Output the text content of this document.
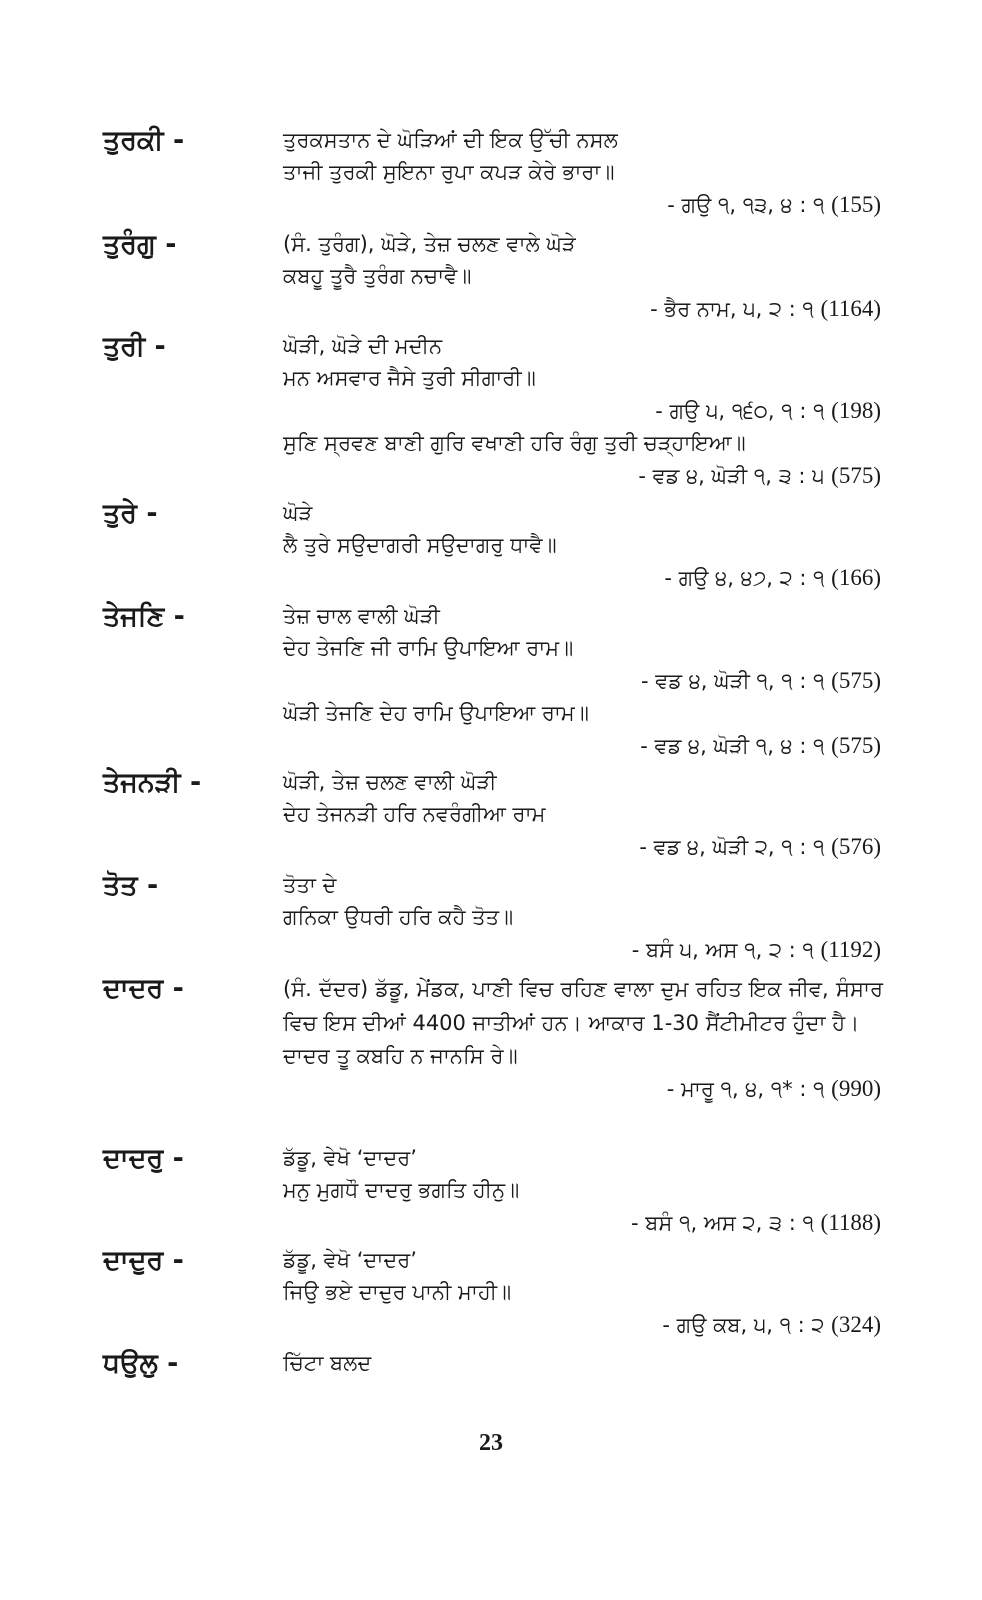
ਤੁਰਕੀ -	ਤੁਰਕਸਤਾਨ ਦੇ ਘੋੜਿਆਂ ਦੀ ਇਕ ਉੱਚੀ ਨਸਲ
ਤਾਜੀ ਤੁਰਕੀ ਸੁਇਨਾ ਰੁਪਾ ਕਪੜ ਕੇਰੇ ਭਾਰਾ॥
- ਗਉ ੧, ੧੩, ੪ : ੧ (155)
ਤੁਰੰਗੁ -	(ਸੰ. ਤੁਰੰਗ), ਘੋੜੇ, ਤੇਜ਼ ਚਲਣ ਵਾਲੇ ਘੋੜੇ
ਕਬਹੂ ਤੂਰੈ ਤੁਰੰਗ ਨਚਾਵੈ॥
- ਭੈਰ ਨਾਮ, ੫, ੨ : ੧ (1164)
ਤੁਰੀ -	ਘੋੜੀ, ਘੋੜੇ ਦੀ ਮਦੀਨ
ਮਨ ਅਸਵਾਰ ਜੈਸੇ ਤੁਰੀ ਸੀਗਾਰੀ॥
- ਗਉ ੫, ੧੬੦, ੧ : ੧ (198)
ਸੁਣਿ ਸ੍ਰਵਣ ਬਾਣੀ ਗੁਰਿ ਵਖਾਣੀ ਹਰਿ ਰੰਗੁ ਤੁਰੀ ਚੜ੍ਹਾਇਆ॥
- ਵਡ ੪, ਘੋੜੀ ੧, ੩ : ੫ (575)
ਤੁਰੇ -	ਘੋੜੇ
ਲੈ ਤੁਰੇ ਸਉਦਾਗਰੀ ਸਉਦਾਗਰੁ ਧਾਵੈ॥
- ਗਉ ੪, ੪੭, ੨ : ੧ (166)
ਤੇਜਣਿ -	ਤੇਜ਼ ਚਾਲ ਵਾਲੀ ਘੋੜੀ
ਦੇਹ ਤੇਜਣਿ ਜੀ ਰਾਮਿ ਉਪਾਇਆ ਰਾਮ॥
- ਵਡ ੪, ਘੋੜੀ ੧, ੧ : ੧ (575)
ਘੋੜੀ ਤੇਜਣਿ ਦੇਹ ਰਾਮਿ ਉਪਾਇਆ ਰਾਮ॥
- ਵਡ ੪, ਘੋੜੀ ੧, ੪ : ੧ (575)
ਤੇਜਨੜੀ -	ਘੋੜੀ, ਤੇਜ਼ ਚਲਣ ਵਾਲੀ ਘੋੜੀ
ਦੇਹ ਤੇਜਨੜੀ ਹਰਿ ਨਵਰੰਗੀਆ ਰਾਮ
- ਵਡ ੪, ਘੋੜੀ ੨, ੧ : ੧ (576)
ਤੋਤ -	ਤੋਤਾ ਦੇ
ਗਨਿਕਾ ਉਧਰੀ ਹਰਿ ਕਹੈ ਤੋਤ॥
- ਬਸੰ ੫, ਅਸ ੧, ੨ : ੧ (1192)
ਦਾਦਰ -	(ਸੰ. ਦੱਦਰ) ਡੱਡੂ, ਮੇਂਡਕ, ਪਾਣੀ ਵਿਚ ਰਹਿਣ ਵਾਲਾ ਦੁਮ ਰਹਿਤ ਇਕ ਜੀਵ, ਸੰਸਾਰ ਵਿਚ ਇਸ ਦੀਆਂ 4400 ਜਾਤੀਆਂ ਹਨ। ਆਕਾਰ 1-30 ਸੈਂਟੀਮੀਟਰ ਹੁੰਦਾ ਹੈ।
ਦਾਦਰ ਤੂ ਕਬਹਿ ਨ ਜਾਨਸਿ ਰੇ॥
- ਮਾਰੂ ੧, ੪, ੧* : ੧ (990)
ਦਾਦਰੁ -	ਡੱਡੂ, ਵੇਖੋ ‘ਦਾਦਰ’
ਮਨੁ ਮੁਗਧੌ ਦਾਦਰੁ ਭਗਤਿ ਹੀਨੁ॥
- ਬਸੰ ੧, ਅਸ ੨, ੩ : ੧ (1188)
ਦਾਦੁਰ -	ਡੱਡੂ, ਵੇਖੋ ‘ਦਾਦਰ’
ਜਿਉ ਭਏ ਦਾਦੁਰ ਪਾਨੀ ਮਾਹੀ॥
- ਗਉ ਕਬ, ੫, ੧ : ੨ (324)
ਧਉਲੁ -	ਚਿੱਟਾ ਬਲਦ
23
